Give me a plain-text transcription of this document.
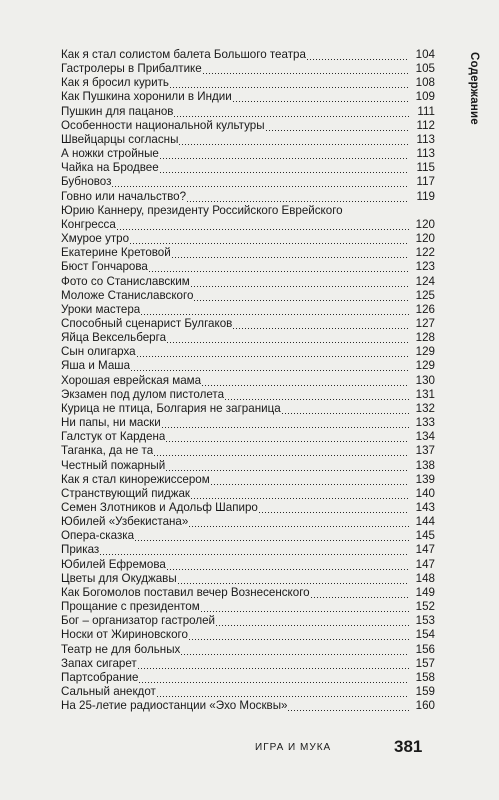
Как я стал солистом балета Большого театра	104
Гастролеры в Прибалтике	105
Как я бросил курить	108
Как Пушкина хоронили в Индии	109
Пушкин для пацанов	111
Особенности национальной культуры	112
Швейцарцы согласны	113
А ножки стройные	113
Чайка на Бродвее	115
Бубновоз	117
Говно или начальство?	119
Юрию Каннеру, президенту Российского Еврейского
Конгресса	120
Хмурое утро	120
Екатерине Кретовой	122
Бюст Гончарова	123
Фото со Станиславским	124
Моложе Станиславского	125
Уроки мастера	126
Способный сценарист Булгаков	127
Яйца Вексельберга	128
Сын олигарха	129
Яша и Маша	129
Хорошая еврейская мама	130
Экзамен под дулом пистолета	131
Курица не птица, Болгария не заграница	132
Ни папы, ни маски	133
Галстук от Кардена	134
Таганка, да не та	137
Честный пожарный	138
Как я стал кинорежиссером	139
Странствующий пиджак	140
Семен Злотников и Адольф Шапиро	143
Юбилей «Узбекистана»	144
Опера-сказка	145
Приказ	147
Юбилей Ефремова	147
Цветы для Окуджавы	148
Как Богомолов поставил вечер Вознесенского	149
Прощание с президентом	152
Бог – организатор гастролей	153
Носки от Жириновского	154
Театр не для больных	156
Запах сигарет	157
Партсобрание	158
Сальный анекдот	159
На 25-летие радиостанции «Эхо Москвы»	160
Содержание
ИГРА И МУКА	381
